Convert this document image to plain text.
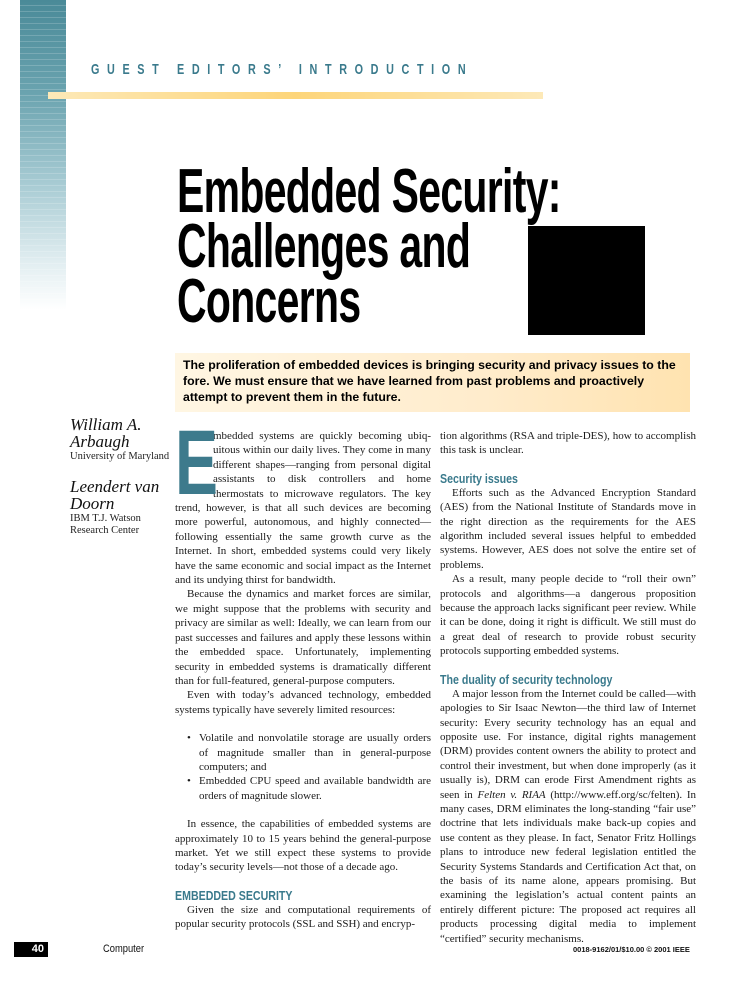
GUEST EDITORS’ INTRODUCTION
Embedded Security:
Challenges and
Concerns

The proliferation of embedded devices is bringing security and privacy issues to the fore. We must ensure that we have learned from past problems and proactively attempt to prevent them in the future.

William A. Arbaugh
University of Maryland
Leendert van Doorn
IBM T.J. Watson Research Center

E
mbedded systems are quickly becoming ubiquitous within our daily lives. They come in many different shapes—ranging from personal digital assistants to disk controllers and home thermostats to microwave regulators. The key trend, however, is that all such devices are becoming more powerful, autonomous, and highly connected—following essentially the same growth curve as the Internet. In short, embedded systems could very likely have the same economic and social impact as the Internet and its undying thirst for bandwidth.

Because the dynamics and market forces are similar, we might suppose that the problems with security and privacy are similar as well: Ideally, we can learn from our past successes and failures and apply these lessons within the embedded space. Unfortunately, implementing security in embedded systems is dramatically different than for full-featured, general-purpose computers.

Even with today’s advanced technology, embedded systems typically have severely limited resources:

• Volatile and nonvolatile storage are usually orders of magnitude smaller than in general-purpose computers; and
• Embedded CPU speed and available bandwidth are orders of magnitude slower.

In essence, the capabilities of embedded systems are approximately 10 to 15 years behind the general-purpose market. Yet we still expect these systems to provide today’s security levels—not those of a decade ago.

EMBEDDED SECURITY

Given the size and computational requirements of popular security protocols (SSL and SSH) and encryp-

tion algorithms (RSA and triple-DES), how to accomplish this task is unclear.

Security issues

Efforts such as the Advanced Encryption Standard (AES) from the National Institute of Standards move in the right direction as the requirements for the AES algorithm included several issues helpful to embedded systems. However, AES does not solve the entire set of problems.

As a result, many people decide to “roll their own” protocols and algorithms—a dangerous proposition because the approach lacks significant peer review. While it can be done, doing it right is difficult. We still must do a great deal of research to provide robust security protocols supporting embedded systems.

The duality of security technology

A major lesson from the Internet could be called—with apologies to Sir Isaac Newton—the third law of Internet security: Every security technology has an equal and opposite use. For instance, digital rights management (DRM) provides content owners the ability to protect and control their investment, but when done improperly (as it usually is), DRM can erode First Amendment rights as seen in Felten v. RIAA (http://www.eff.org/sc/felten). In many cases, DRM eliminates the long-standing “fair use” doctrine that lets individuals make back-up copies and use content as they please. In fact, Senator Fritz Hollings plans to introduce new federal legislation entitled the Security Systems Standards and Certification Act that, on the basis of its name alone, appears promising. But examining the legislation’s actual content paints an entirely different picture: The proposed act requires all products processing digital media to implement “certified” security mechanisms.

40	Computer	0018-9162/01/$10.00 © 2001 IEEE
